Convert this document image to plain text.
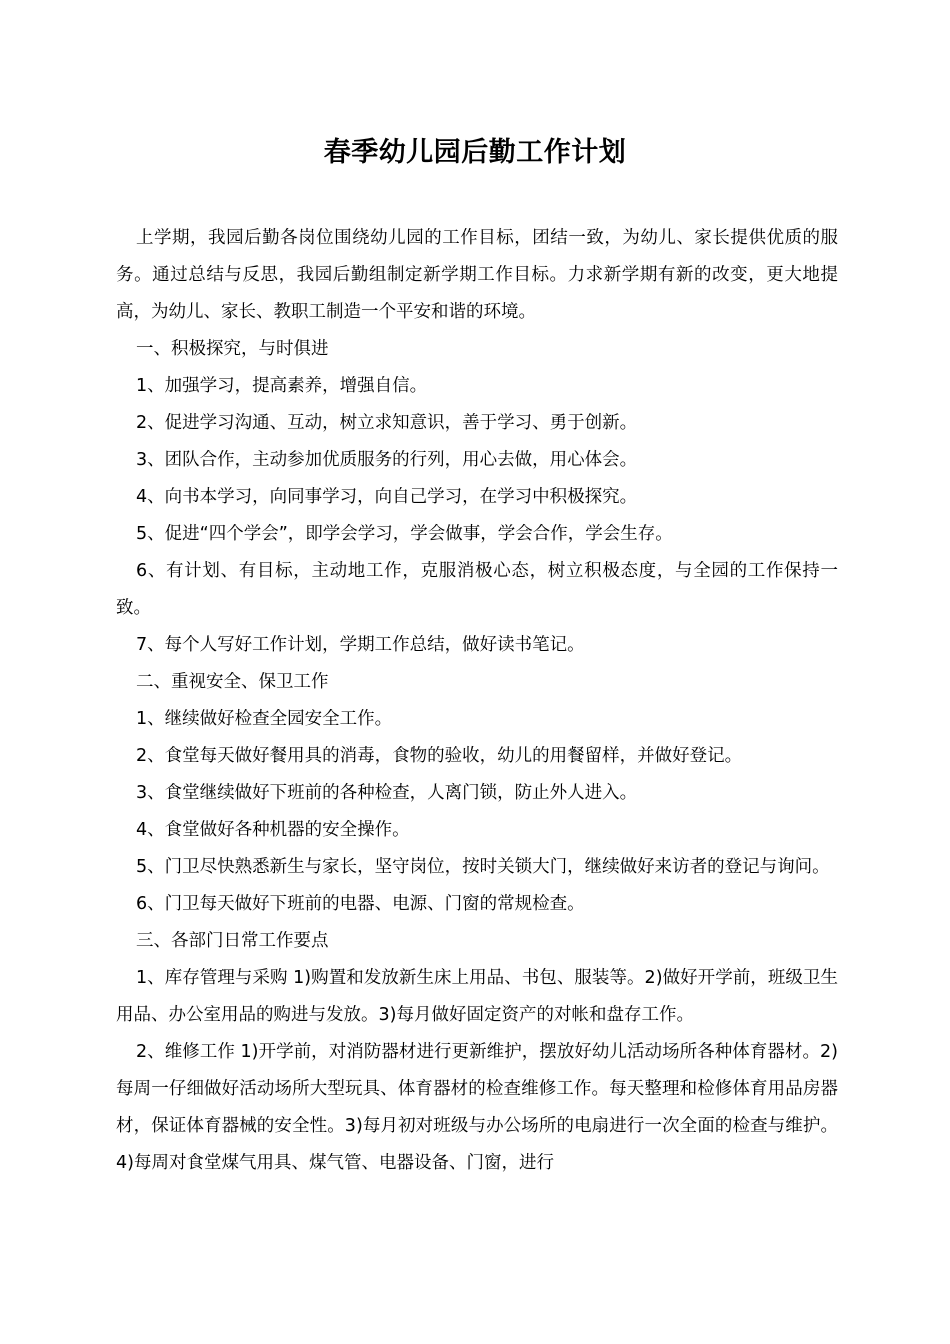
春季幼儿园后勤工作计划

上学期，我园后勤各岗位围绕幼儿园的工作目标，团结一致，为幼儿、家长提供优质的服务。通过总结与反思，我园后勤组制定新学期工作目标。力求新学期有新的改变，更大地提高，为幼儿、家长、教职工制造一个平安和谐的环境。

一、积极探究，与时俱进

1、加强学习，提高素养，增强自信。

2、促进学习沟通、互动，树立求知意识，善于学习、勇于创新。

3、团队合作，主动参加优质服务的行列，用心去做，用心体会。

4、向书本学习，向同事学习，向自己学习，在学习中积极探究。

5、促进“四个学会”，即学会学习，学会做事，学会合作，学会生存。

6、有计划、有目标，主动地工作，克服消极心态，树立积极态度，与全园的工作保持一致。

7、每个人写好工作计划，学期工作总结，做好读书笔记。

二、重视安全、保卫工作

1、继续做好检查全园安全工作。

2、食堂每天做好餐用具的消毒，食物的验收，幼儿的用餐留样，并做好登记。

3、食堂继续做好下班前的各种检查，人离门锁，防止外人进入。

4、食堂做好各种机器的安全操作。

5、门卫尽快熟悉新生与家长，坚守岗位，按时关锁大门，继续做好来访者的登记与询问。

6、门卫每天做好下班前的电器、电源、门窗的常规检查。

三、各部门日常工作要点

1、库存管理与采购 1)购置和发放新生床上用品、书包、服装等。2)做好开学前，班级卫生用品、办公室用品的购进与发放。3)每月做好固定资产的对帐和盘存工作。

2、维修工作 1)开学前，对消防器材进行更新维护，摆放好幼儿活动场所各种体育器材。2)每周一仔细做好活动场所大型玩具、体育器材的检查维修工作。每天整理和检修体育用品房器材，保证体育器械的安全性。3)每月初对班级与办公场所的电扇进行一次全面的检查与维护。4)每周对食堂煤气用具、煤气管、电器设备、门窗，进行
